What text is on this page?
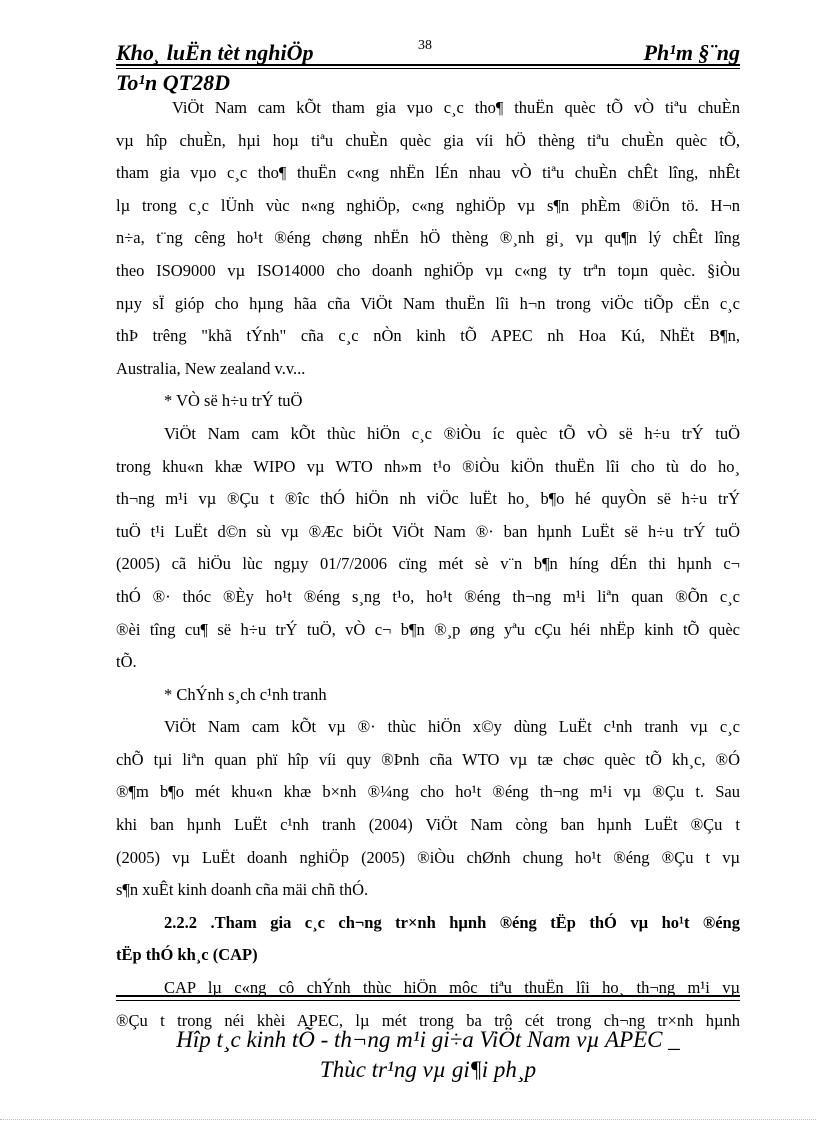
Kho¸ luËn tèt nghiÖp	38	Ph¹m §¨ng
To¹n QT28D
ViÖt Nam cam kÕt tham gia vµo c¸c tho¶ thuËn quèc tÕ vÒ tiªu chuÈn
vµ hîp chuÈn, hµi hoµ tiªu chuÈn quèc gia víi hÖ thèng tiªu chuÈn quèc tÕ,
tham gia vµo c¸c tho¶ thuËn c«ng nhËn lÉn nhau vÒ tiªu chuÈn chÊt lîng, nhÊt
lµ trong c¸c lÜnh vùc n«ng nghiÖp, c«ng nghiÖp vµ s¶n phÈm ®iÖn tö. H¬n
n÷a, t¨ng cêng ho¹t ®éng chøng nhËn hÖ thèng ®¸nh gi¸ vµ qu¶n lý chÊt lîng
theo ISO9000 vµ ISO14000 cho doanh nghiÖp vµ c«ng ty trªn toµn quèc. §iÒu
nµy sÏ gióp cho hµng hãa cña ViÖt Nam thuËn lîi h¬n trong viÖc tiÕp cËn c¸c
thÞ trêng "khã tÝnh" cña c¸c nÒn kinh tÕ APEC nh Hoa Kú, NhËt B¶n,
Australia, New zealand v.v...
* VÒ së h÷u trÝ tuÖ
ViÖt Nam cam kÕt thùc hiÖn c¸c ®iÒu íc quèc tÕ vÒ së h÷u trÝ tuÖ
trong khu«n khæ WIPO vµ WTO nh»m t¹o ®iÒu kiÖn thuËn lîi cho tù do ho¸
th¬ng m¹i vµ ®Çu t ®îc thÓ hiÖn nh viÖc luËt ho¸ b¶o hé quyÒn së h÷u trÝ
tuÖ t¹i LuËt d©n sù vµ ®Æc biÖt ViÖt Nam ®· ban hµnh LuËt së h÷u trÝ tuÖ
(2005) cã hiÖu lùc ngµy 01/7/2006 cïng mét sè v¨n b¶n híng dÉn thi hµnh c¬
thÓ ®· thóc ®Èy ho¹t ®éng s¸ng t¹o, ho¹t ®éng th¬ng m¹i liªn quan ®Õn c¸c
®èi tîng cu¶ së h÷u trÝ tuÖ, vÒ c¬ b¶n ®¸p øng yªu cÇu héi nhËp kinh tÕ quèc
tÕ.
* ChÝnh s¸ch c¹nh tranh
ViÖt Nam cam kÕt vµ ®· thùc hiÖn x©y dùng LuËt c¹nh tranh vµ c¸c
chÕ tµi liªn quan phï hîp víi quy ®Þnh cña WTO vµ tæ chøc quèc tÕ kh¸c, ®Ó
®¶m b¶o mét khu«n khæ b×nh ®¼ng cho ho¹t ®éng th¬ng m¹i vµ ®Çu t. Sau
khi ban hµnh LuËt c¹nh tranh (2004) ViÖt Nam còng ban hµnh LuËt ®Çu t
(2005) vµ LuËt doanh nghiÖp (2005) ®iÒu chØnh chung ho¹t ®éng ®Çu t vµ
s¶n xuÊt kinh doanh cña mäi chñ thÓ.
2.2.2 .Tham gia c¸c ch¬ng tr×nh hµnh ®éng tËp thÓ vµ ho¹t ®éng
tËp thÓ kh¸c (CAP)
CAP lµ c«ng cô chÝnh thùc hiÖn môc tiªu thuËn lîi ho¸ th¬ng m¹i vµ
®Çu t trong néi khèi APEC, lµ mét trong ba trô cét trong ch¬ng tr×nh hµnh
Hîp t¸c kinh tÕ - th¬ng m¹i gi÷a ViÖt Nam vµ APEC _
Thùc tr¹ng vµ gi¶i ph¸p
